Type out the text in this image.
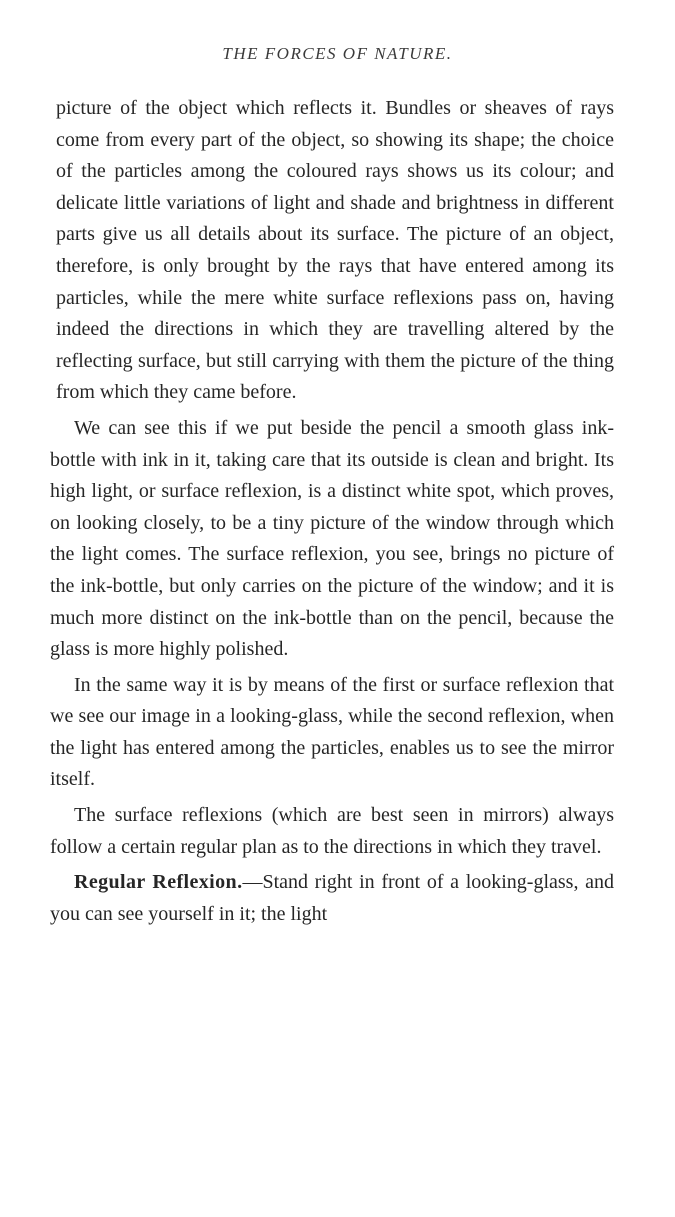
THE FORCES OF NATURE.

picture of the object which reflects it. Bundles or sheaves of rays come from every part of the object, so showing its shape; the choice of the particles among the coloured rays shows us its colour; and delicate little variations of light and shade and brightness in different parts give us all details about its surface. The picture of an object, therefore, is only brought by the rays that have entered among its particles, while the mere white surface reflexions pass on, having indeed the directions in which they are travelling altered by the reflecting surface, but still carrying with them the picture of the thing from which they came before.

We can see this if we put beside the pencil a smooth glass ink-bottle with ink in it, taking care that its outside is clean and bright. Its high light, or surface reflexion, is a distinct white spot, which proves, on looking closely, to be a tiny picture of the window through which the light comes. The surface reflexion, you see, brings no picture of the ink-bottle, but only carries on the picture of the window; and it is much more distinct on the ink-bottle than on the pencil, because the glass is more highly polished.

In the same way it is by means of the first or surface reflexion that we see our image in a looking-glass, while the second reflexion, when the light has entered among the particles, enables us to see the mirror itself.

The surface reflexions (which are best seen in mirrors) always follow a certain regular plan as to the directions in which they travel.

Regular Reflexion.—Stand right in front of a looking-glass, and you can see yourself in it; the light
